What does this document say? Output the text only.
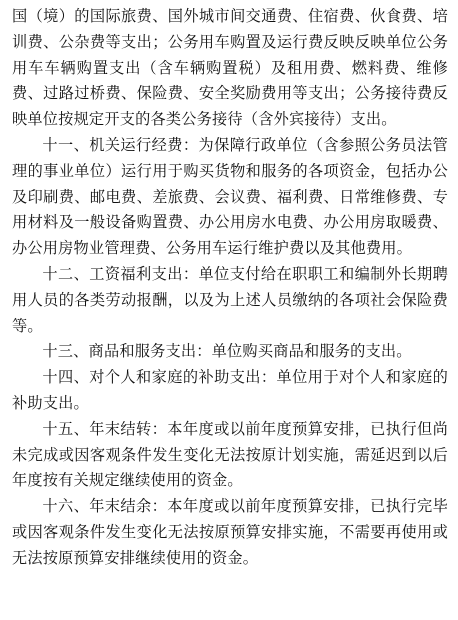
国（境）的国际旅费、国外城市间交通费、住宿费、伙食费、培训费、公杂费等支出；公务用车购置及运行费反映反映单位公务用车车辆购置支出（含车辆购置税）及租用费、燃料费、维修费、过路过桥费、保险费、安全奖励费用等支出；公务接待费反映单位按规定开支的各类公务接待（含外宾接待）支出。

十一、机关运行经费：为保障行政单位（含参照公务员法管理的事业单位）运行用于购买货物和服务的各项资金，包括办公及印刷费、邮电费、差旅费、会议费、福利费、日常维修费、专用材料及一般设备购置费、办公用房水电费、办公用房取暖费、办公用房物业管理费、公务用车运行维护费以及其他费用。

十二、工资福利支出：单位支付给在职职工和编制外长期聘用人员的各类劳动报酬，以及为上述人员缴纳的各项社会保险费等。

十三、商品和服务支出：单位购买商品和服务的支出。

十四、对个人和家庭的补助支出：单位用于对个人和家庭的补助支出。

十五、年末结转：本年度或以前年度预算安排，已执行但尚未完成或因客观条件发生变化无法按原计划实施，需延迟到以后年度按有关规定继续使用的资金。

十六、年末结余：本年度或以前年度预算安排，已执行完毕或因客观条件发生变化无法按原预算安排实施，不需要再使用或无法按原预算安排继续使用的资金。
